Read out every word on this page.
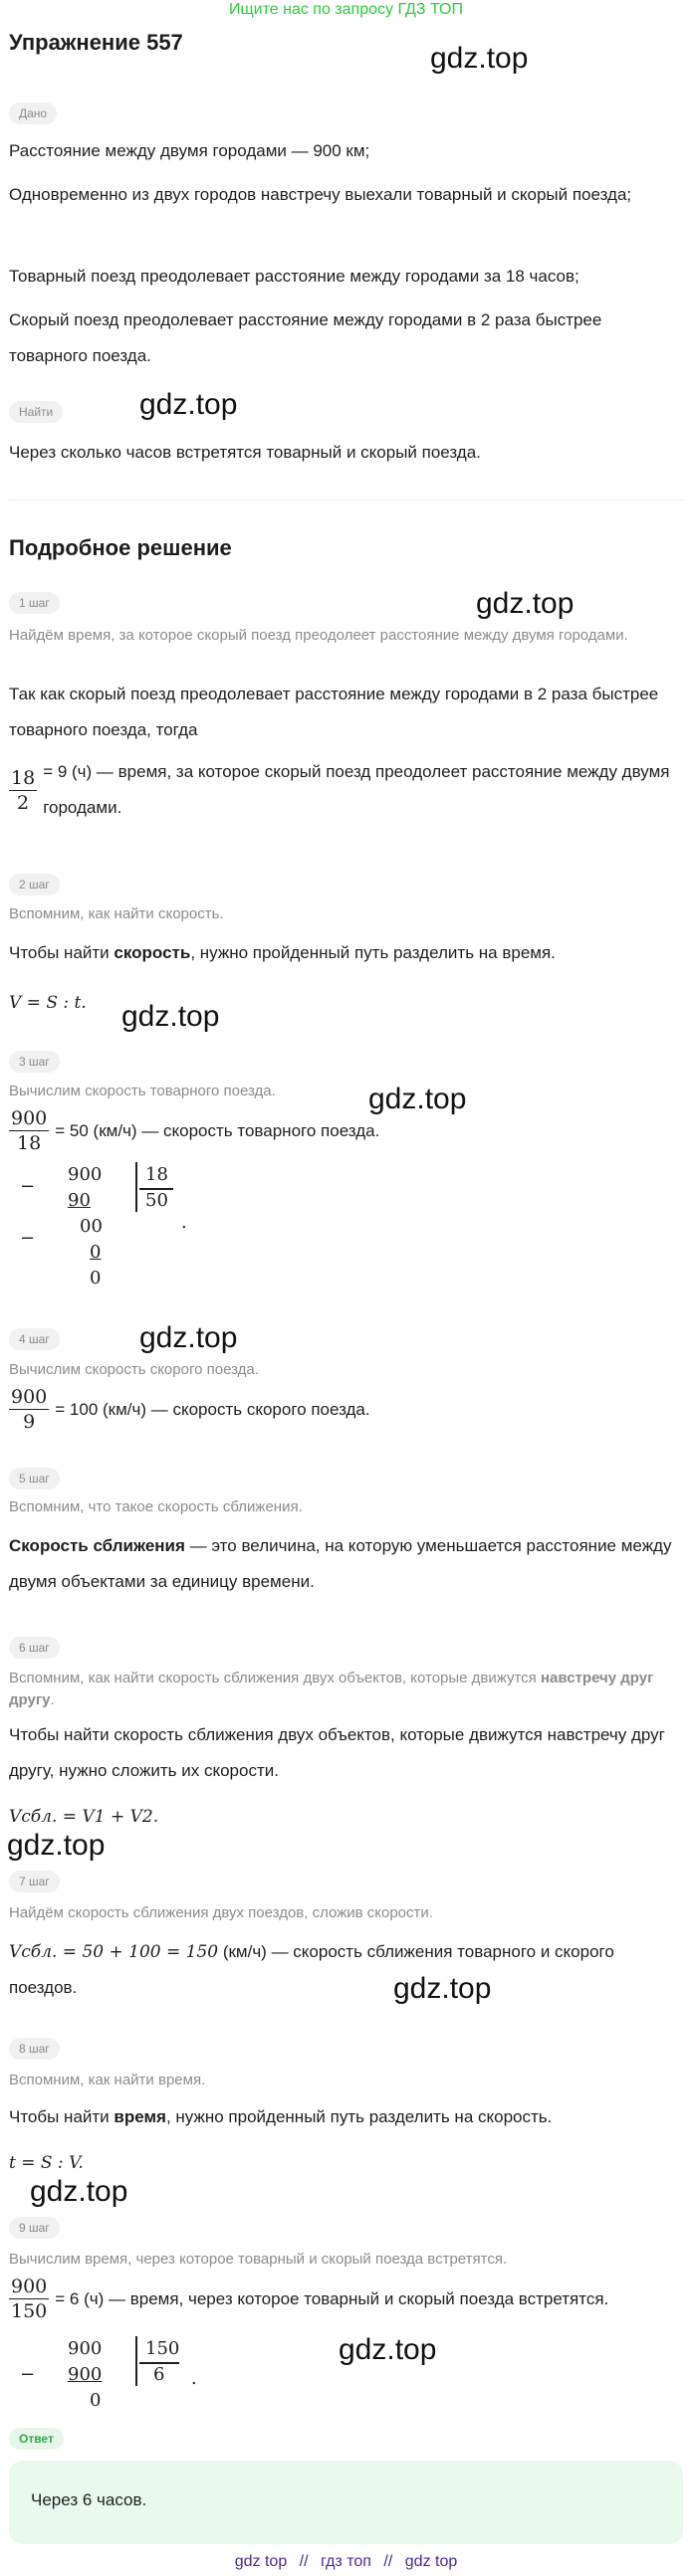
Ищите нас по запросу ГДЗ ТОП
Упражнение 557	gdz.top
gdz.top
gdz.top
gdz.top
gdz.top
gdz.top
gdz.top
gdz.top
gdz.top
gdz.top
Дано
Расстояние между двумя городами — 900 км;
Одновременно из двух городов навстречу выехали товарный и скорый поезда;
Товарный поезд преодолевает расстояние между городами за 18 часов;
Скорый поезд преодолевает расстояние между городами в 2 раза быстрее товарного поезда.
Найти
Через сколько часов встретятся товарный и скорый поезда.
Подробное решение
1 шаг
Найдём время, за которое скорый поезд преодолеет расстояние между двумя городами.
Так как скорый поезд преодолевает расстояние между городами в 2 раза быстрее товарного поезда, тогда
$\frac{18}{2} = 9$ (ч) — время, за которое скорый поезд преодолеет расстояние между двумя городами.
2 шаг
Вспомним, как найти скорость.
Чтобы найти скорость, нужно пройденный путь разделить на время.
V = S : t.
3 шаг
Вычислим скорость товарного поезда.
$\frac{900}{18} = 50$ (км/ч) — скорость товарного поезда.
−
900
90
−
00
0
0
18
50
.
4 шаг
Вычислим скорость скорого поезда.
$\frac{900}{9} = 100$ (км/ч) — скорость скорого поезда.
5 шаг
Вспомним, что такое скорость сближения.
Скорость сближения — это величина, на которую уменьшается расстояние между двумя объектами за единицу времени.
6 шаг
Вспомним, как найти скорость сближения двух объектов, которые движутся навстречу друг другу.
Чтобы найти скорость сближения двух объектов, которые движутся навстречу друг другу, нужно сложить их скорости.
Vсбл. = V1 + V2.
7 шаг
Найдём скорость сближения двух поездов, сложив скорости.
Vсбл. = 50 + 100 = 150 (км/ч) — скорость сближения товарного и скорого поездов.
8 шаг
Вспомним, как найти время.
Чтобы найти время, нужно пройденный путь разделить на скорость.
t = S : V.
9 шаг
Вычислим время, через которое товарный и скорый поезда встретятся.
$\frac{900}{150} = 6$ (ч) — время, через которое товарный и скорый поезда встретятся.
−
900
900
0
150
6 .
Ответ
Через 6 часов.
gdz top // гдз топ // gdz top
